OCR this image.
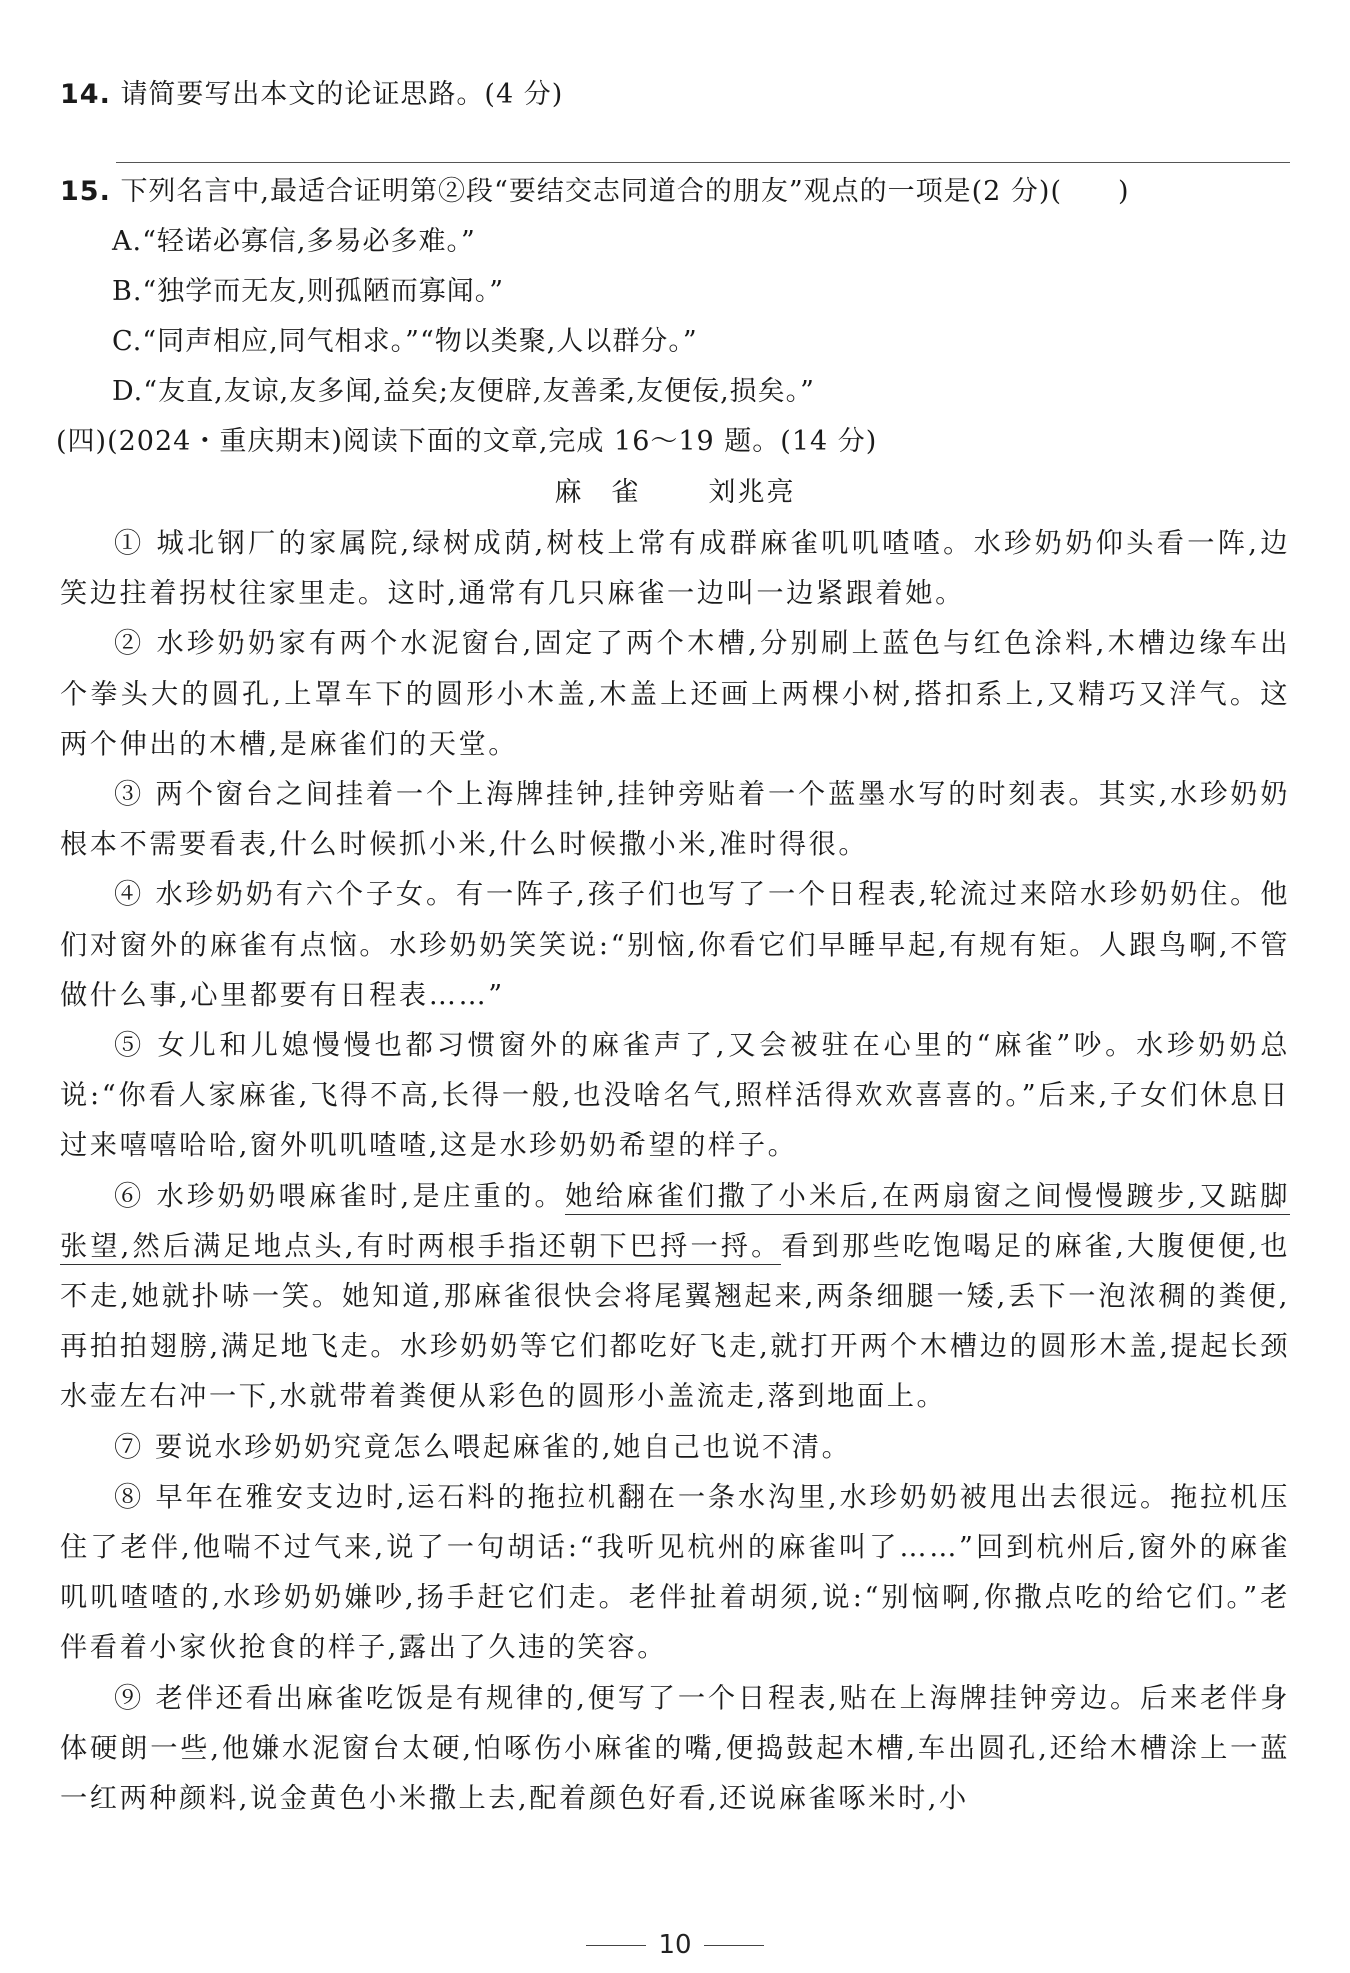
14. 请简要写出本文的论证思路。(4 分)
15. 下列名言中,最适合证明第②段“要结交志同道合的朋友”观点的一项是(2 分)(　　)
A.“轻诺必寡信,多易必多难。”
B.“独学而无友,则孤陋而寡闻。”
C.“同声相应,同气相求。”“物以类聚,人以群分。”
D.“友直,友谅,友多闻,益矣;友便辟,友善柔,友便佞,损矣。”
(四)(2024・重庆期末)阅读下面的文章,完成 16～19 题。(14 分)
麻雀 刘兆亮

① 城北钢厂的家属院,绿树成荫,树枝上常有成群麻雀叽叽喳喳。水珍奶奶仰头看一阵,边笑边拄着拐杖往家里走。这时,通常有几只麻雀一边叫一边紧跟着她。

② 水珍奶奶家有两个水泥窗台,固定了两个木槽,分别刷上蓝色与红色涂料,木槽边缘车出个拳头大的圆孔,上罩车下的圆形小木盖,木盖上还画上两棵小树,搭扣系上,又精巧又洋气。这两个伸出的木槽,是麻雀们的天堂。

③ 两个窗台之间挂着一个上海牌挂钟,挂钟旁贴着一个蓝墨水写的时刻表。其实,水珍奶奶根本不需要看表,什么时候抓小米,什么时候撒小米,准时得很。

④ 水珍奶奶有六个子女。有一阵子,孩子们也写了一个日程表,轮流过来陪水珍奶奶住。他们对窗外的麻雀有点恼。水珍奶奶笑笑说:“别恼,你看它们早睡早起,有规有矩。人跟鸟啊,不管做什么事,心里都要有日程表……”

⑤ 女儿和儿媳慢慢也都习惯窗外的麻雀声了,又会被驻在心里的“麻雀”吵。水珍奶奶总说:“你看人家麻雀,飞得不高,长得一般,也没啥名气,照样活得欢欢喜喜的。”后来,子女们休息日过来嘻嘻哈哈,窗外叽叽喳喳,这是水珍奶奶希望的样子。

⑥ 水珍奶奶喂麻雀时,是庄重的。她给麻雀们撒了小米后,在两扇窗之间慢慢踱步,又踮脚张望,然后满足地点头,有时两根手指还朝下巴捋一捋。看到那些吃饱喝足的麻雀,大腹便便,也不走,她就扑哧一笑。她知道,那麻雀很快会将尾翼翘起来,两条细腿一矮,丢下一泡浓稠的粪便,再拍拍翅膀,满足地飞走。水珍奶奶等它们都吃好飞走,就打开两个木槽边的圆形木盖,提起长颈水壶左右冲一下,水就带着粪便从彩色的圆形小盖流走,落到地面上。

⑦ 要说水珍奶奶究竟怎么喂起麻雀的,她自己也说不清。

⑧ 早年在雅安支边时,运石料的拖拉机翻在一条水沟里,水珍奶奶被甩出去很远。拖拉机压住了老伴,他喘不过气来,说了一句胡话:“我听见杭州的麻雀叫了……”回到杭州后,窗外的麻雀叽叽喳喳的,水珍奶奶嫌吵,扬手赶它们走。老伴扯着胡须,说:“别恼啊,你撒点吃的给它们。”老伴看着小家伙抢食的样子,露出了久违的笑容。

⑨ 老伴还看出麻雀吃饭是有规律的,便写了一个日程表,贴在上海牌挂钟旁边。后来老伴身体硬朗一些,他嫌水泥窗台太硬,怕啄伤小麻雀的嘴,便捣鼓起木槽,车出圆孔,还给木槽涂上一蓝一红两种颜料,说金黄色小米撒上去,配着颜色好看,还说麻雀啄米时,小

10
